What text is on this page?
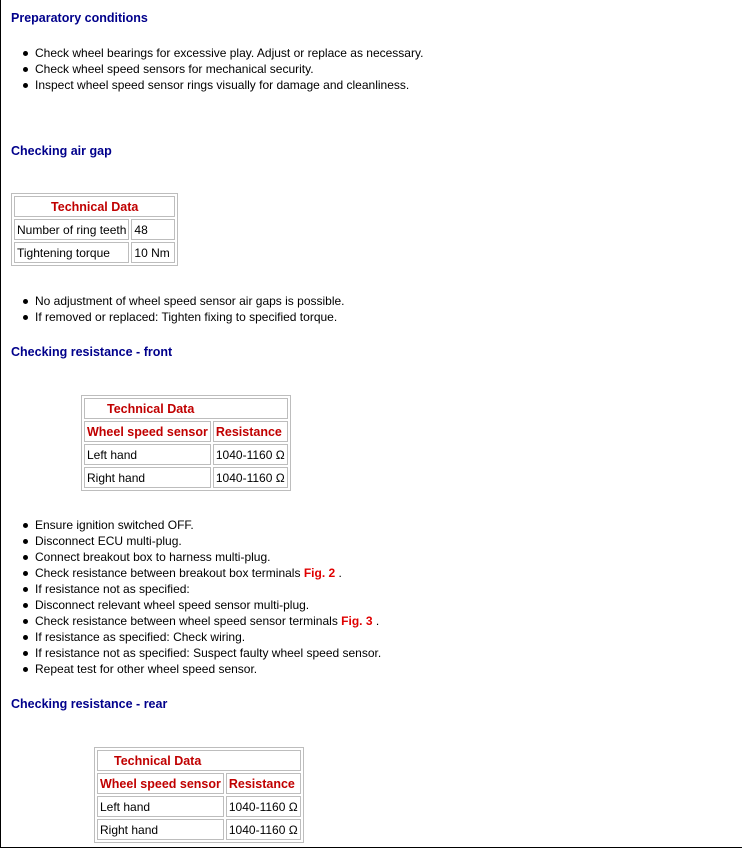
Preparatory conditions
Check wheel bearings for excessive play. Adjust or replace as necessary.
Check wheel speed sensors for mechanical security.
Inspect wheel speed sensor rings visually for damage and cleanliness.
Checking air gap
Technical Data	
Number of ring teeth	48
Tightening torque	10 Nm
No adjustment of wheel speed sensor air gaps is possible.
If removed or replaced: Tighten fixing to specified torque.
Checking resistance - front
Technical Data	
Wheel speed sensor	Resistance
Left hand	1040-1160 Ω
Right hand	1040-1160 Ω
Ensure ignition switched OFF.
Disconnect ECU multi-plug.
Connect breakout box to harness multi-plug.
Check resistance between breakout box terminals Fig. 2 .
If resistance not as specified:
Disconnect relevant wheel speed sensor multi-plug.
Check resistance between wheel speed sensor terminals Fig. 3 .
If resistance as specified: Check wiring.
If resistance not as specified: Suspect faulty wheel speed sensor.
Repeat test for other wheel speed sensor.
Checking resistance - rear
Technical Data	
Wheel speed sensor	Resistance
Left hand	1040-1160 Ω
Right hand	1040-1160 Ω
